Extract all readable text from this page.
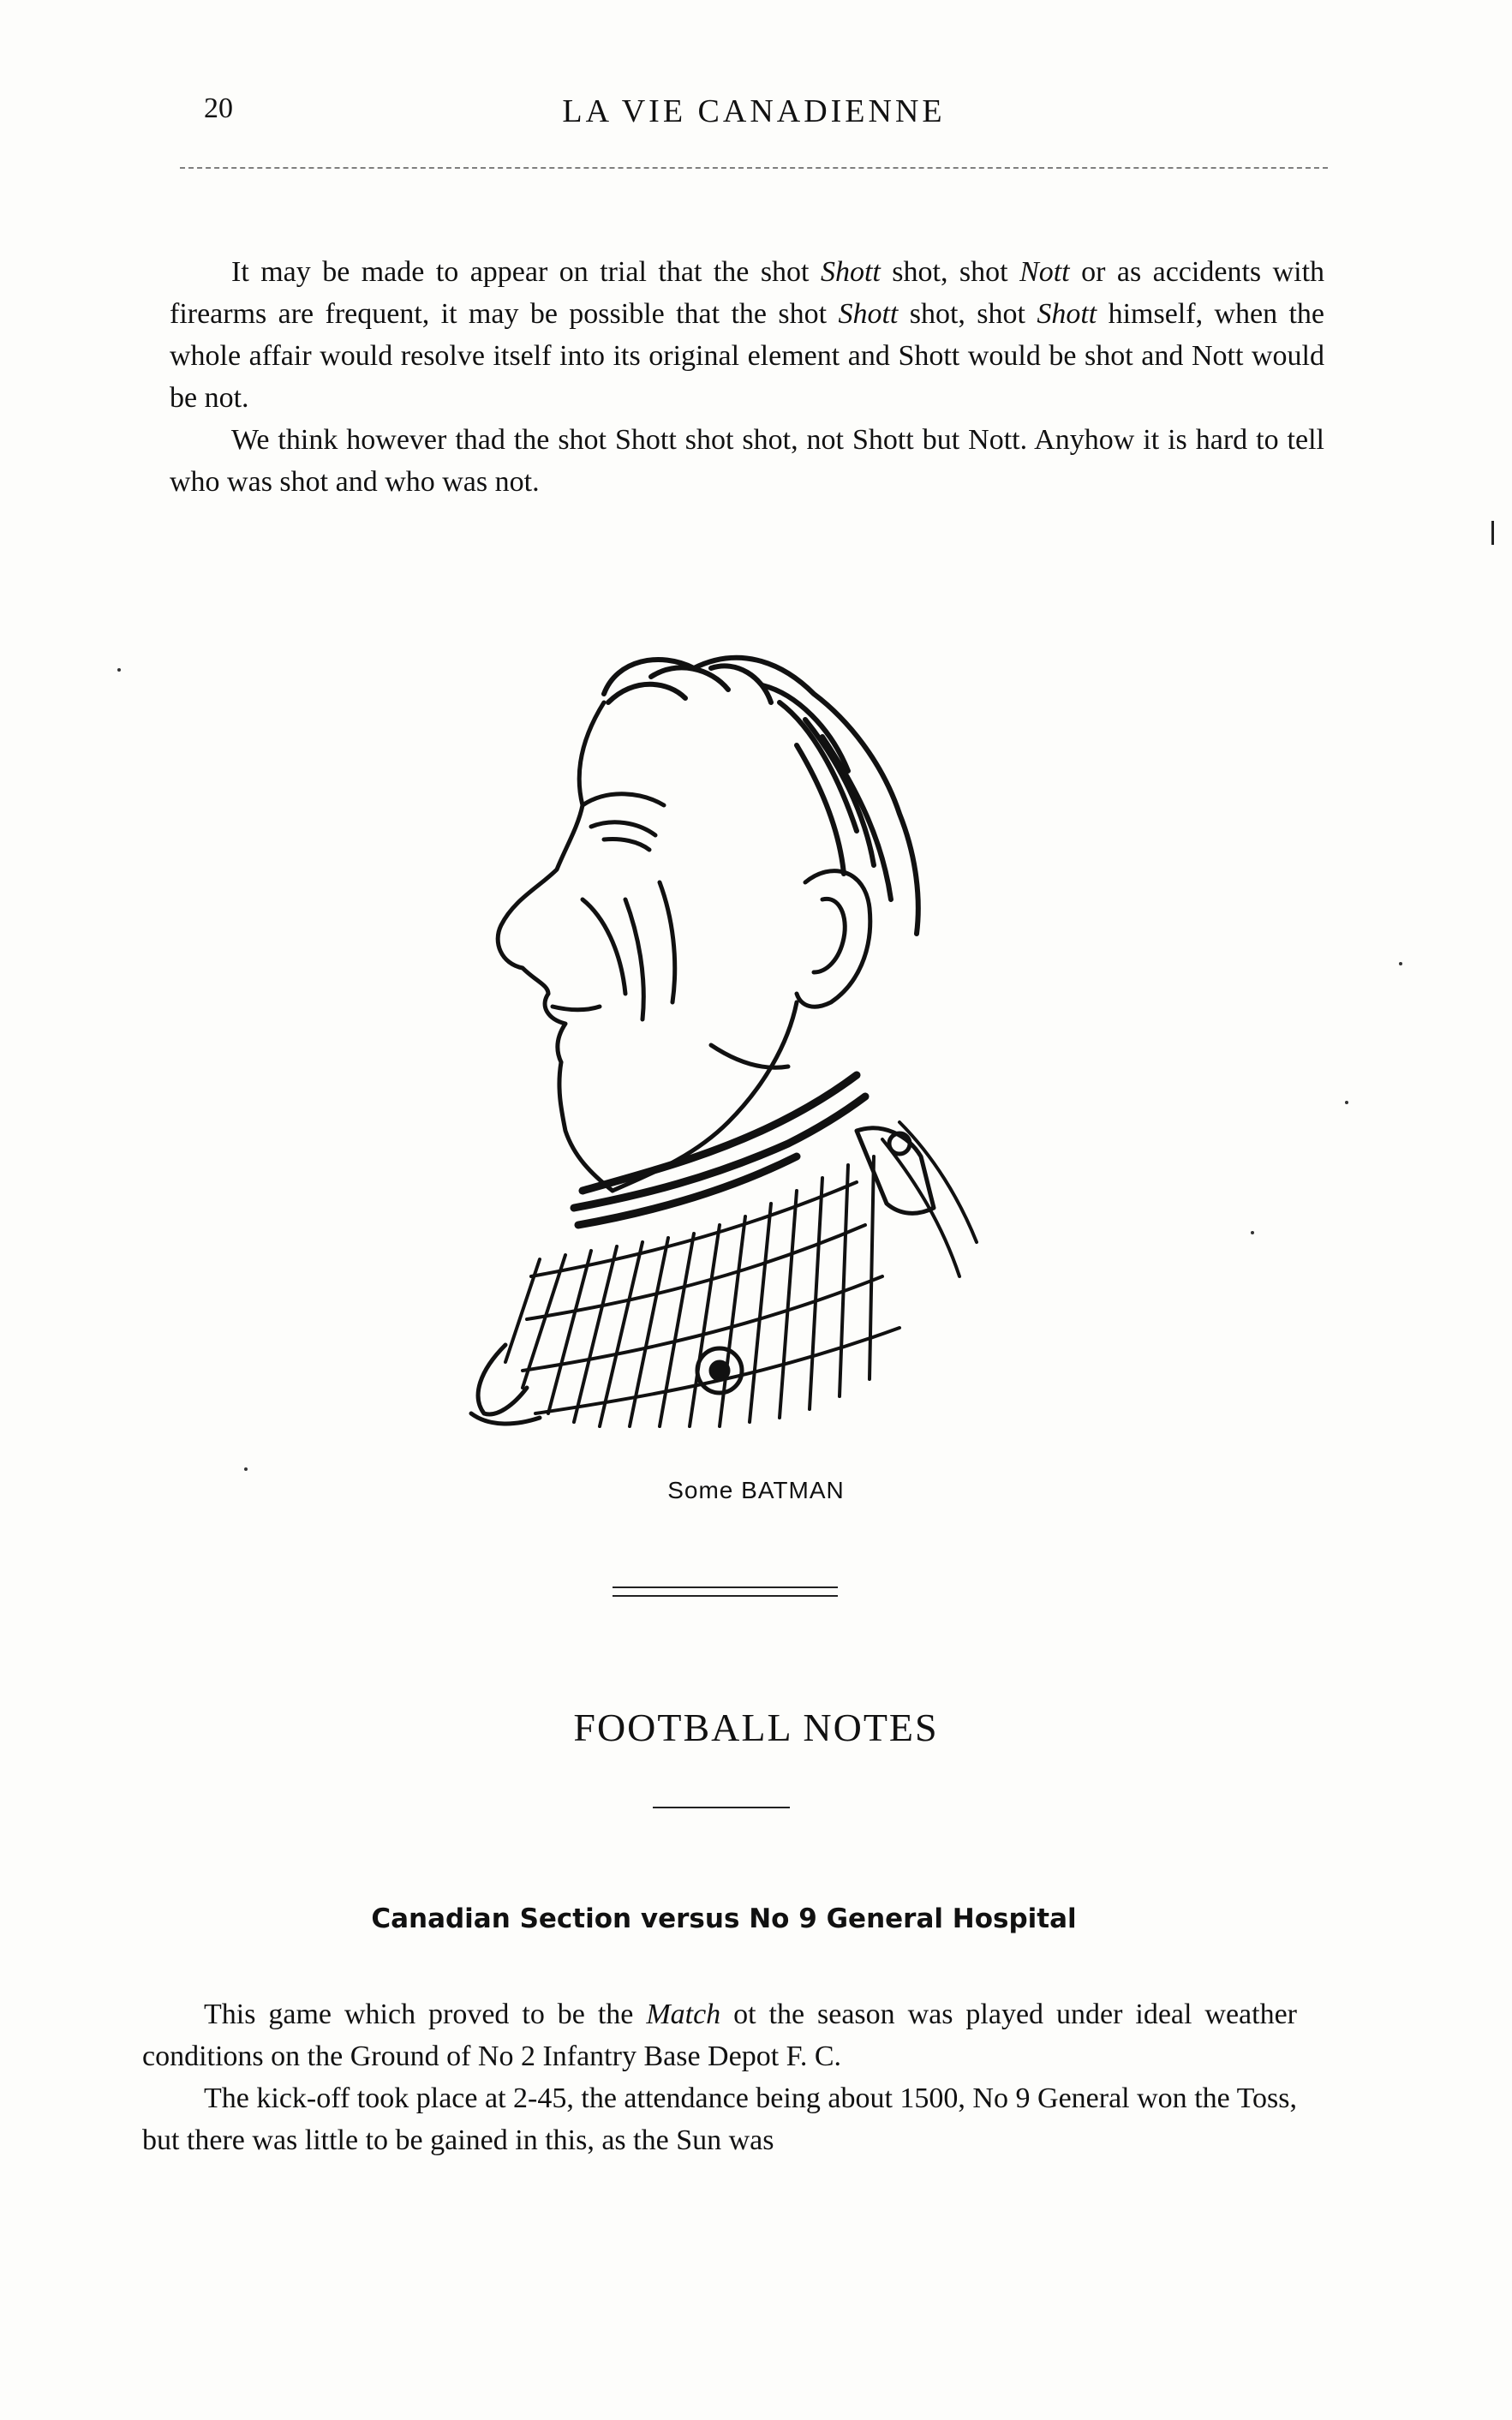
20	LA VIE CANADIENNE

It may be made to appear on trial that the shot Shott shot, shot Nott or as accidents with firearms are frequent, it may be possible that the shot Shott shot, shot Shott himself, when the whole affair would resolve itself into its original element and Shott would be shot and Nott would be not.

We think however thad the shot Shott shot shot, not Shott but Nott. Anyhow it is hard to tell who was shot and who was not.

Some BATMAN
FOOTBALL NOTES
Canadian Section versus No 9 General Hospital

This game which proved to be the Match ot the season was played under ideal weather conditions on the Ground of No 2 Infantry Base Depot F. C.

The kick-off took place at 2-45, the attendance being about 1500, No 9 General won the Toss, but there was little to be gained in this, as the Sun was
